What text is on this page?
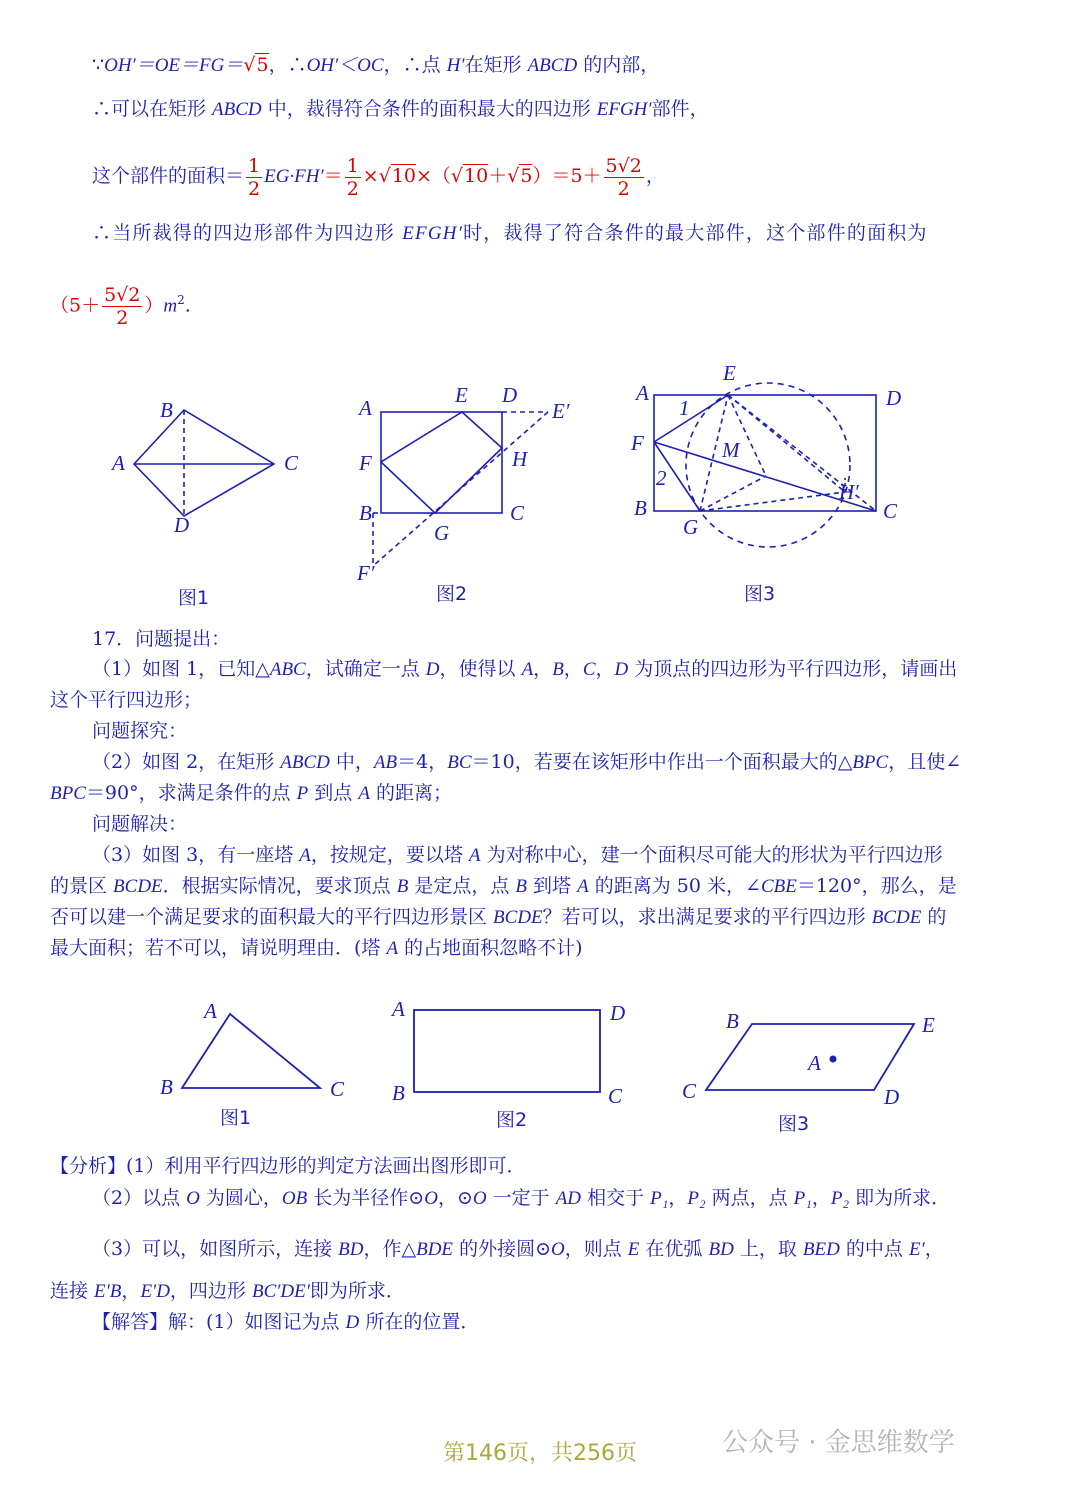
∵OH′＝OE＝FG＝√5，∴OH′＜OC，∴点 H′在矩形 ABCD 的内部，
∴可以在矩形 ABCD 中，裁得符合条件的面积最大的四边形 EFGH′部件，
这个部件的面积＝ $\frac{1}{2} EG\cdot FH'= \frac{1}{2} \times√10\times(√10+√5)=5+ \frac{5√2}{2}$ ，
∴当所裁得的四边形部件为四边形 EFGH′时，裁得了符合条件的最大部件，这个部件的面积为
$(5+ \frac{5√2}{2} )m^2$.
B
A	C
D
图1
A
E D
E′
F	H
B
G
C
F′
图2
A
E
D
1
F	M
2
H′
B
G
C
图3
17．问题提出：
（1）如图 1，已知△ABC，试确定一点 D，使得以 A，B，C，D 为顶点的四边形为平行四边形，请画出
这个平行四边形；
问题探究：
（2）如图 2，在矩形 ABCD 中，AB＝4，BC＝10，若要在该矩形中作出一个面积最大的△BPC，且使∠
BPC＝90°，求满足条件的点 P 到点 A 的距离；
问题解决：
（3）如图 3，有一座塔 A，按规定，要以塔 A 为对称中心，建一个面积尽可能大的形状为平行四边形
的景区 BCDE．根据实际情况，要求顶点 B 是定点，点 B 到塔 A 的距离为 50 米，∠CBE＝120°，那么，是
否可以建一个满足要求的面积最大的平行四边形景区 BCDE？若可以，求出满足要求的平行四边形 BCDE 的
最大面积；若不可以，请说明理由．(塔 A 的占地面积忽略不计)
A
B	C
图1
A	D
B	C
图2
B	E
A
C	D
图3
【分析】(1）利用平行四边形的判定方法画出图形即可．
（2）以点 O 为圆心，OB 长为半径作⊙O，⊙O 一定于 AD 相交于 P₁，P₂ 两点，点 P₁，P₂ 即为所求．
（3）可以，如图所示，连接 BD，作△BDE 的外接圆⊙O，则点 E 在优弧 BD 上，取 BED 的中点 E′，
连接 E′B，E′D，四边形 BC′DE′即为所求．
【解答】解：(1）如图记为点 D 所在的位置．
第146页，共256页	公众号 · 金思维数学
